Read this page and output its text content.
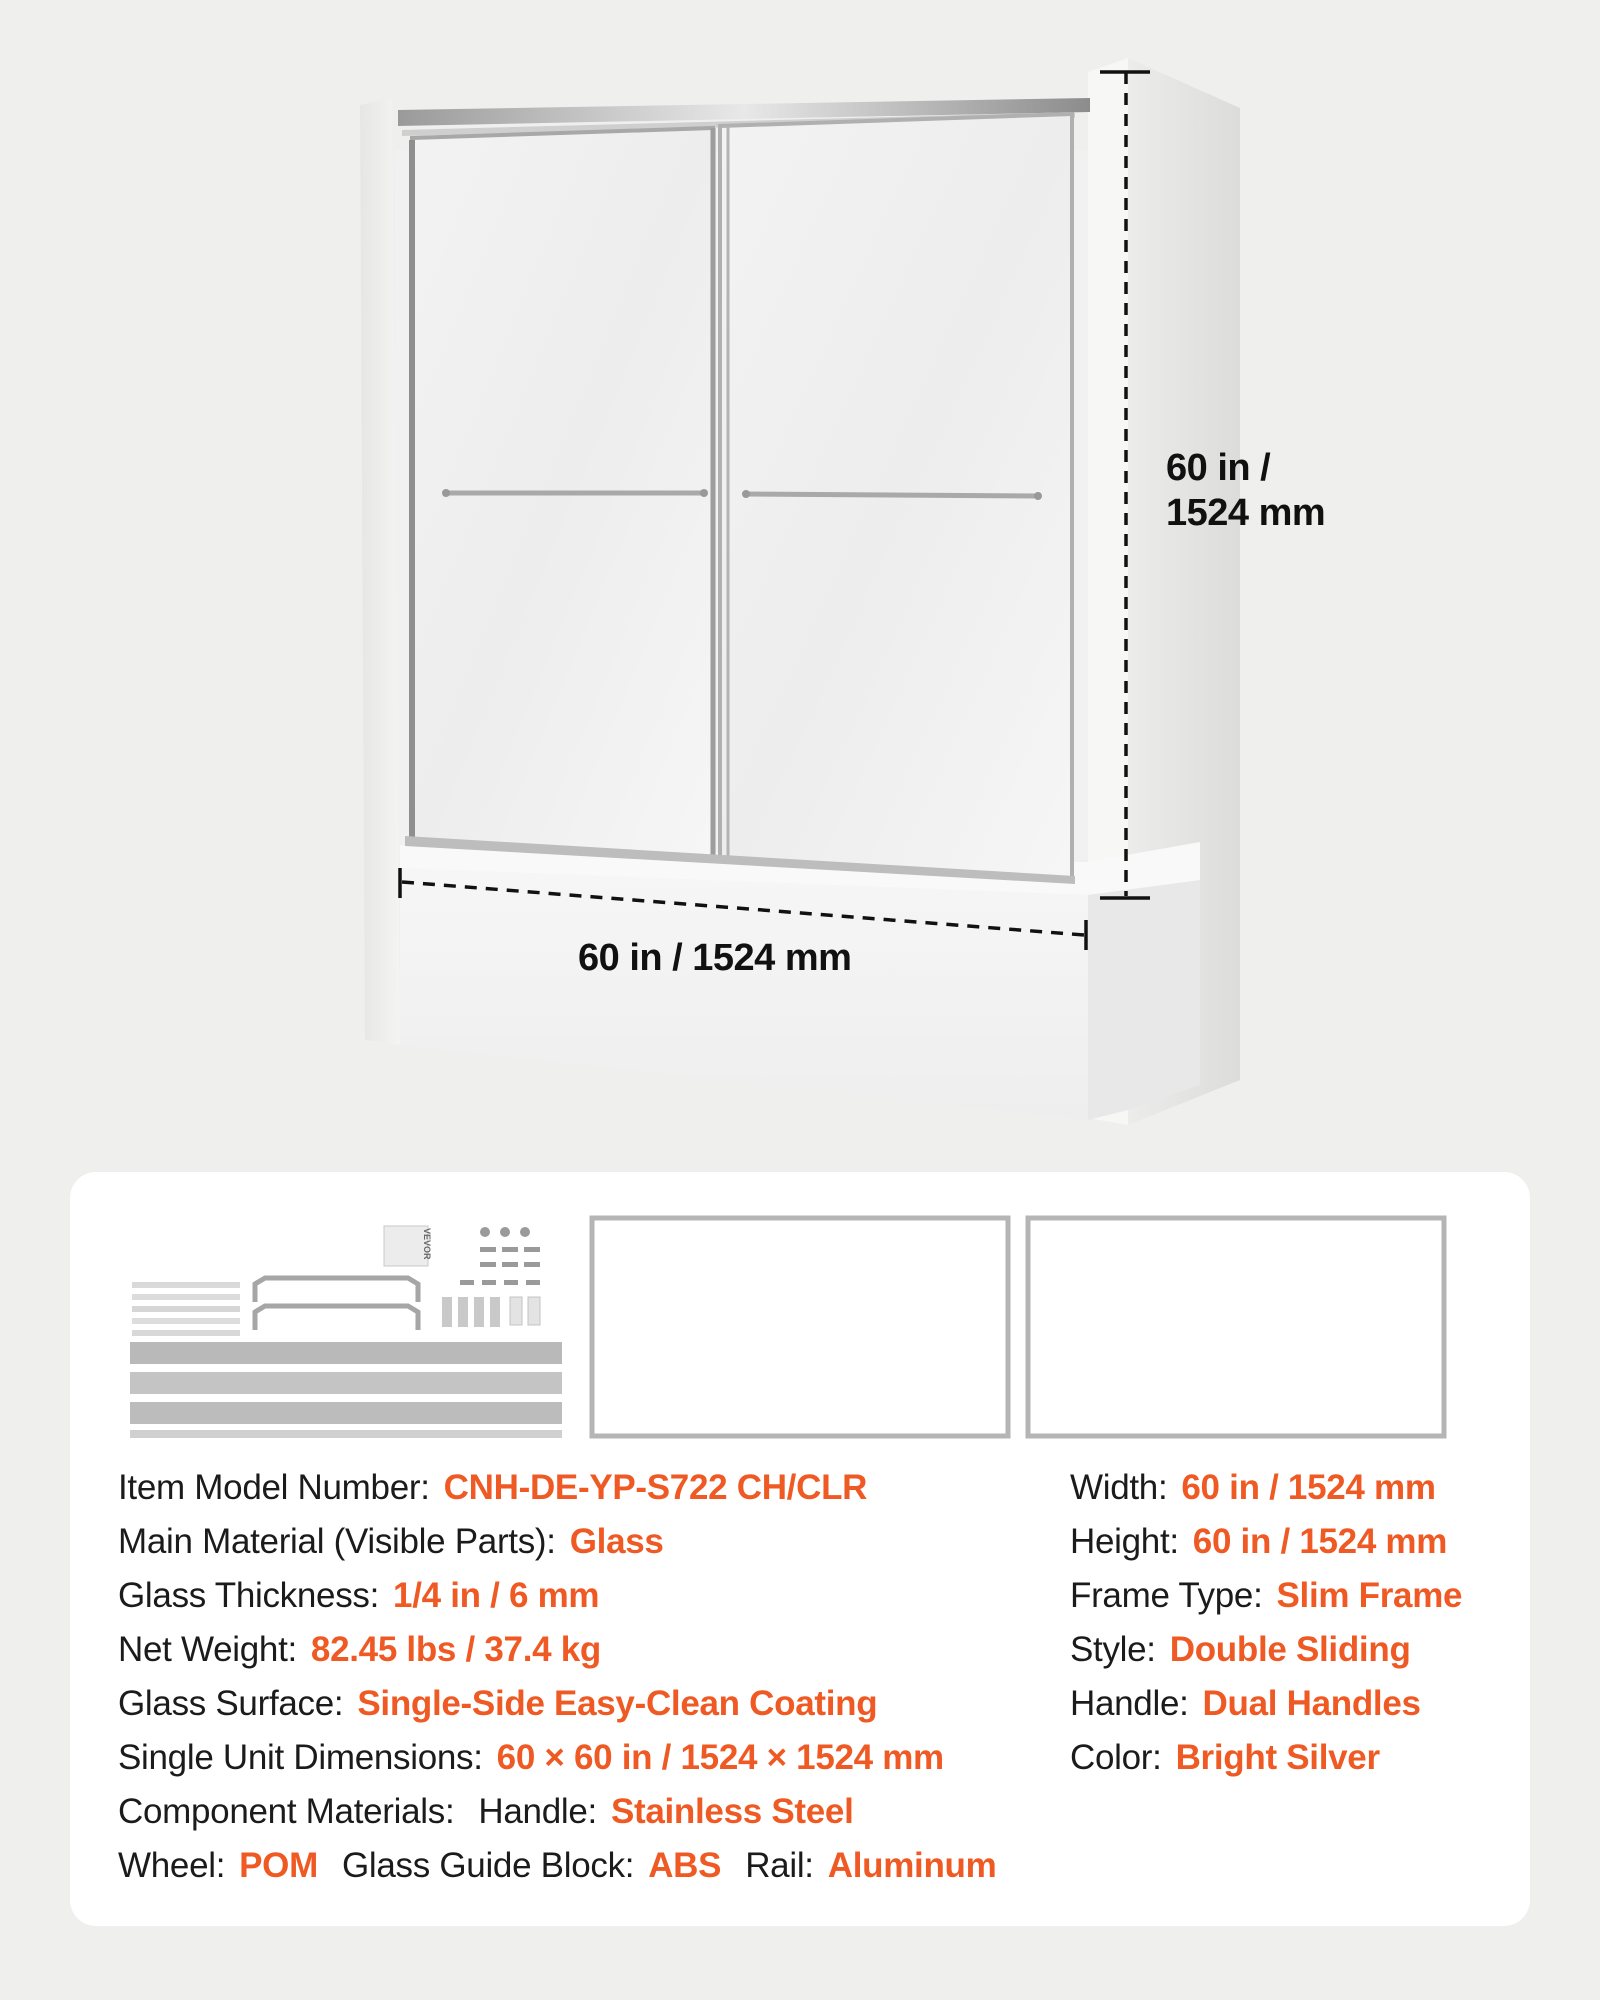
60 in /
1524 mm
60 in / 1524 mm
VEVOR
Item Model Number: CNH-DE-YP-S722 CH/CLR
Main Material (Visible Parts): Glass
Glass Thickness: 1/4 in / 6 mm
Net Weight: 82.45 lbs / 37.4 kg
Glass Surface: Single-Side Easy-Clean Coating
Single Unit Dimensions: 60 × 60 in / 1524 × 1524 mm
Component Materials: Handle: Stainless Steel
Wheel: POM Glass Guide Block: ABS Rail: Aluminum
Width: 60 in / 1524 mm
Height: 60 in / 1524 mm
Frame Type: Slim Frame
Style: Double Sliding
Handle: Dual Handles
Color: Bright Silver
